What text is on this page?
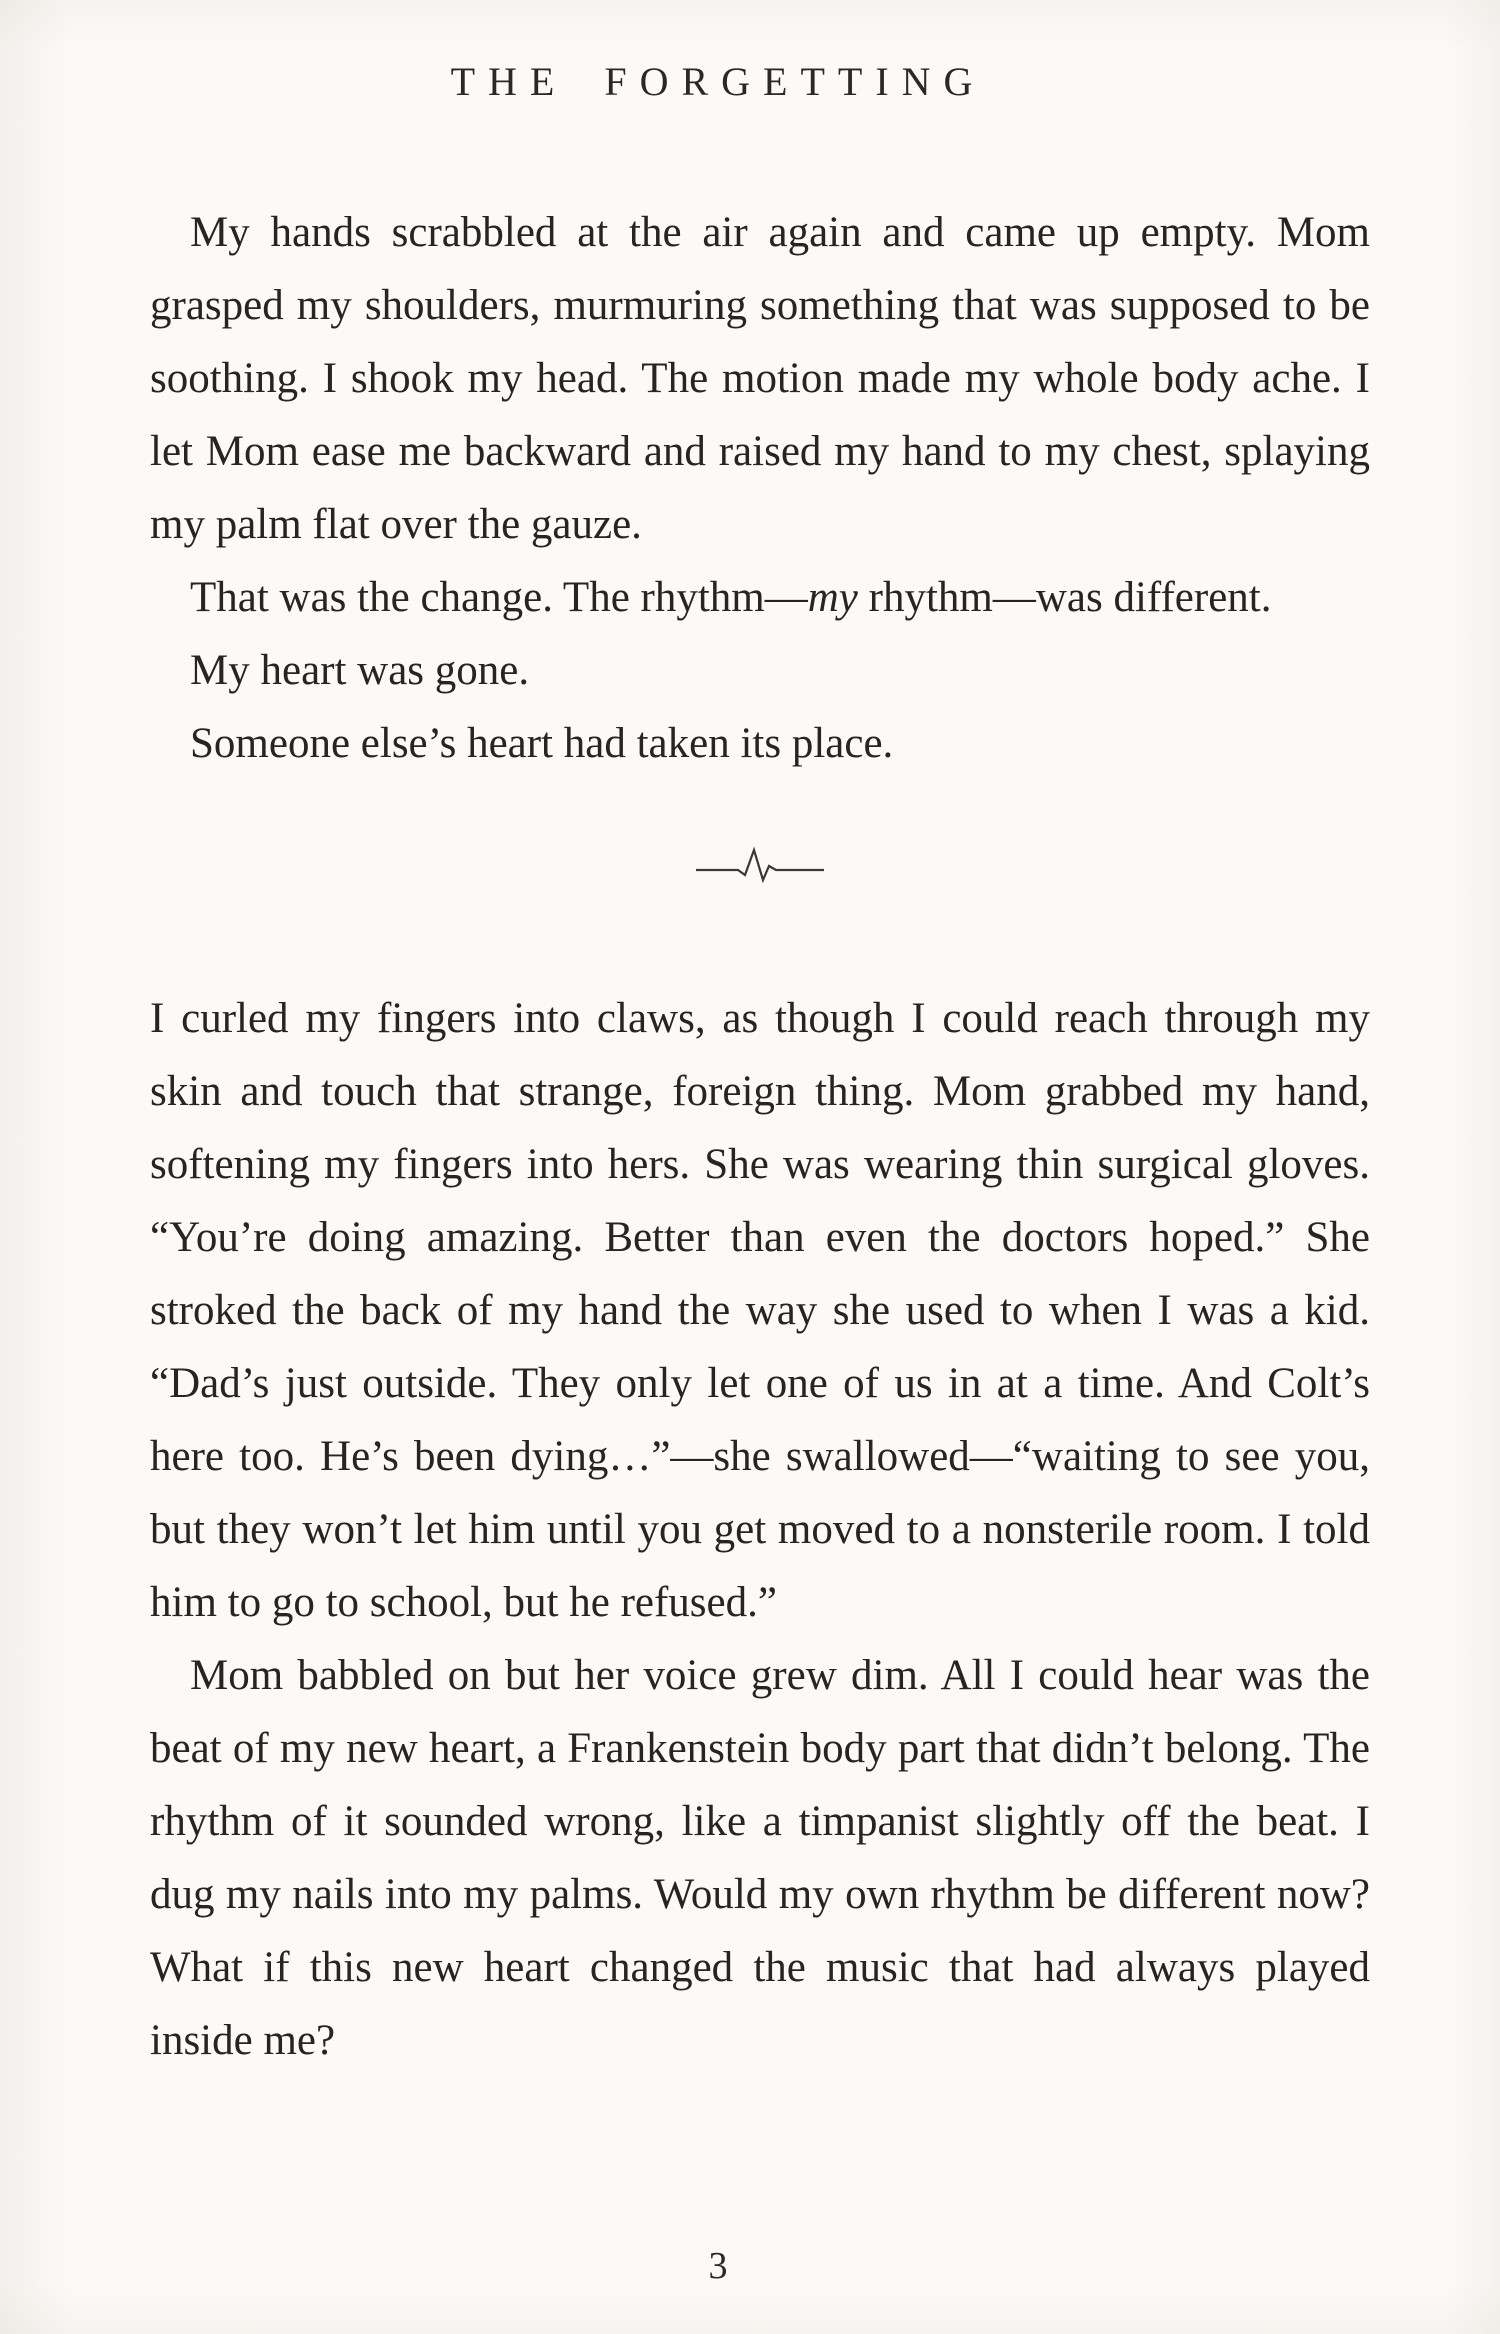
THE FORGETTING

My hands scrabbled at the air again and came up empty. Mom grasped my shoulders, murmuring something that was supposed to be soothing. I shook my head. The motion made my whole body ache. I let Mom ease me backward and raised my hand to my chest, splaying my palm flat over the gauze.

That was the change. The rhythm—my rhythm—was different.

My heart was gone.

Someone else’s heart had taken its place.

I curled my fingers into claws, as though I could reach through my skin and touch that strange, foreign thing. Mom grabbed my hand, softening my fingers into hers. She was wearing thin surgical gloves. “You’re doing amazing. Better than even the doctors hoped.” She stroked the back of my hand the way she used to when I was a kid. “Dad’s just outside. They only let one of us in at a time. And Colt’s here too. He’s been dying…”—she swallowed—“waiting to see you, but they won’t let him until you get moved to a nonsterile room. I told him to go to school, but he refused.”

Mom babbled on but her voice grew dim. All I could hear was the beat of my new heart, a Frankenstein body part that didn’t belong. The rhythm of it sounded wrong, like a timpanist slightly off the beat. I dug my nails into my palms. Would my own rhythm be different now? What if this new heart changed the music that had always played inside me?

3
